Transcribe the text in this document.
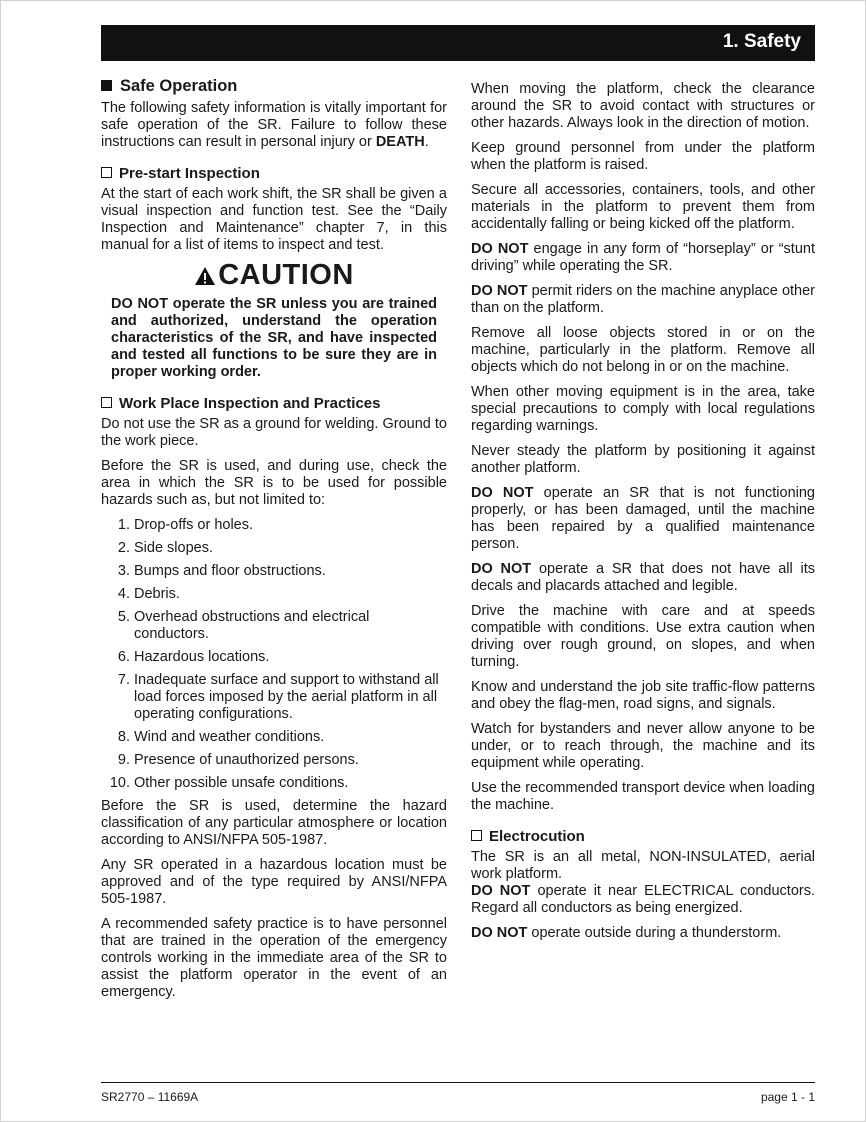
1. Safety
Safe Operation

The following safety information is vitally important for safe operation of the SR. Failure to follow these instructions can result in personal injury or DEATH.

Pre-start Inspection

At the start of each work shift, the SR shall be given a visual inspection and function test. See the “Daily Inspection and Maintenance” chapter 7, in this manual for a list of items to inspect and test.

CAUTION
DO NOT operate the SR unless you are trained and authorized, understand the operation characteristics of the SR, and have inspected and tested all functions to be sure they are in proper working order.
Work Place Inspection and Practices

Do not use the SR as a ground for welding. Ground to the work piece.

Before the SR is used, and during use, check the area in which the SR is to be used for possible hazards such as, but not limited to:

1. Drop-offs or holes.
2. Side slopes.
3. Bumps and floor obstructions.
4. Debris.
5. Overhead obstructions and electrical conductors.
6. Hazardous locations.
7. Inadequate surface and support to withstand all load forces imposed by the aerial platform in all operating configurations.
8. Wind and weather conditions.
9. Presence of unauthorized persons.
10. Other possible unsafe conditions.

Before the SR is used, determine the hazard classification of any particular atmosphere or location according to ANSI/NFPA 505-1987.

Any SR operated in a hazardous location must be approved and of the type required by ANSI/NFPA 505-1987.

A recommended safety practice is to have personnel that are trained in the operation of the emergency controls working in the immediate area of the SR to assist the platform operator in the event of an emergency.

When moving the platform, check the clearance around the SR to avoid contact with structures or other hazards. Always look in the direction of motion.

Keep ground personnel from under the platform when the platform is raised.

Secure all accessories, containers, tools, and other materials in the platform to prevent them from accidentally falling or being kicked off the platform.

DO NOT engage in any form of “horseplay” or “stunt driving” while operating the SR.

DO NOT permit riders on the machine anyplace other than on the platform.

Remove all loose objects stored in or on the machine, particularly in the platform. Remove all objects which do not belong in or on the machine.

When other moving equipment is in the area, take special precautions to comply with local regulations regarding warnings.

Never steady the platform by positioning it against another platform.

DO NOT operate an SR that is not functioning properly, or has been damaged, until the machine has been repaired by a qualified maintenance person.

DO NOT operate a SR that does not have all its decals and placards attached and legible.

Drive the machine with care and at speeds compatible with conditions. Use extra caution when driving over rough ground, on slopes, and when turning.

Know and understand the job site traffic-flow patterns and obey the flag-men, road signs, and signals.

Watch for bystanders and never allow anyone to be under, or to reach through, the machine and its equipment while operating.

Use the recommended transport device when loading the machine.

Electrocution

The SR is an all metal, NON-INSULATED, aerial work platform.

DO NOT operate it near ELECTRICAL conductors. Regard all conductors as being energized.

DO NOT operate outside during a thunderstorm.

SR2770 – 11669A	page 1 - 1
